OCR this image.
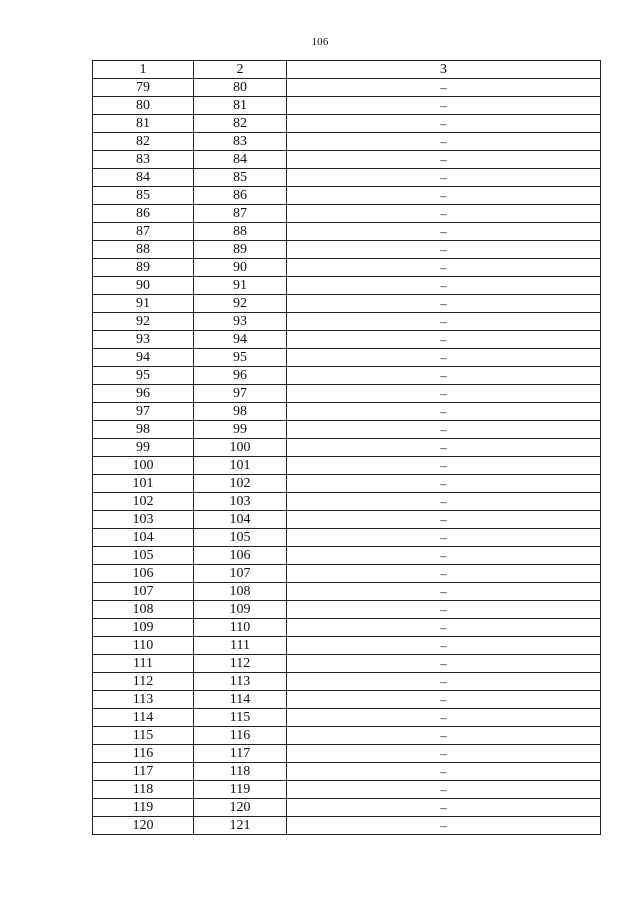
106
1	2	3
79	80	–
80	81	–
81	82	–
82	83	–
83	84	–
84	85	–
85	86	–
86	87	–
87	88	–
88	89	–
89	90	–
90	91	–
91	92	–
92	93	–
93	94	–
94	95	–
95	96	–
96	97	–
97	98	–
98	99	–
99	100	–
100	101	–
101	102	–
102	103	–
103	104	–
104	105	–
105	106	–
106	107	–
107	108	–
108	109	–
109	110	–
110	111	–
111	112	–
112	113	–
113	114	–
114	115	–
115	116	–
116	117	–
117	118	–
118	119	–
119	120	–
120	121	–
